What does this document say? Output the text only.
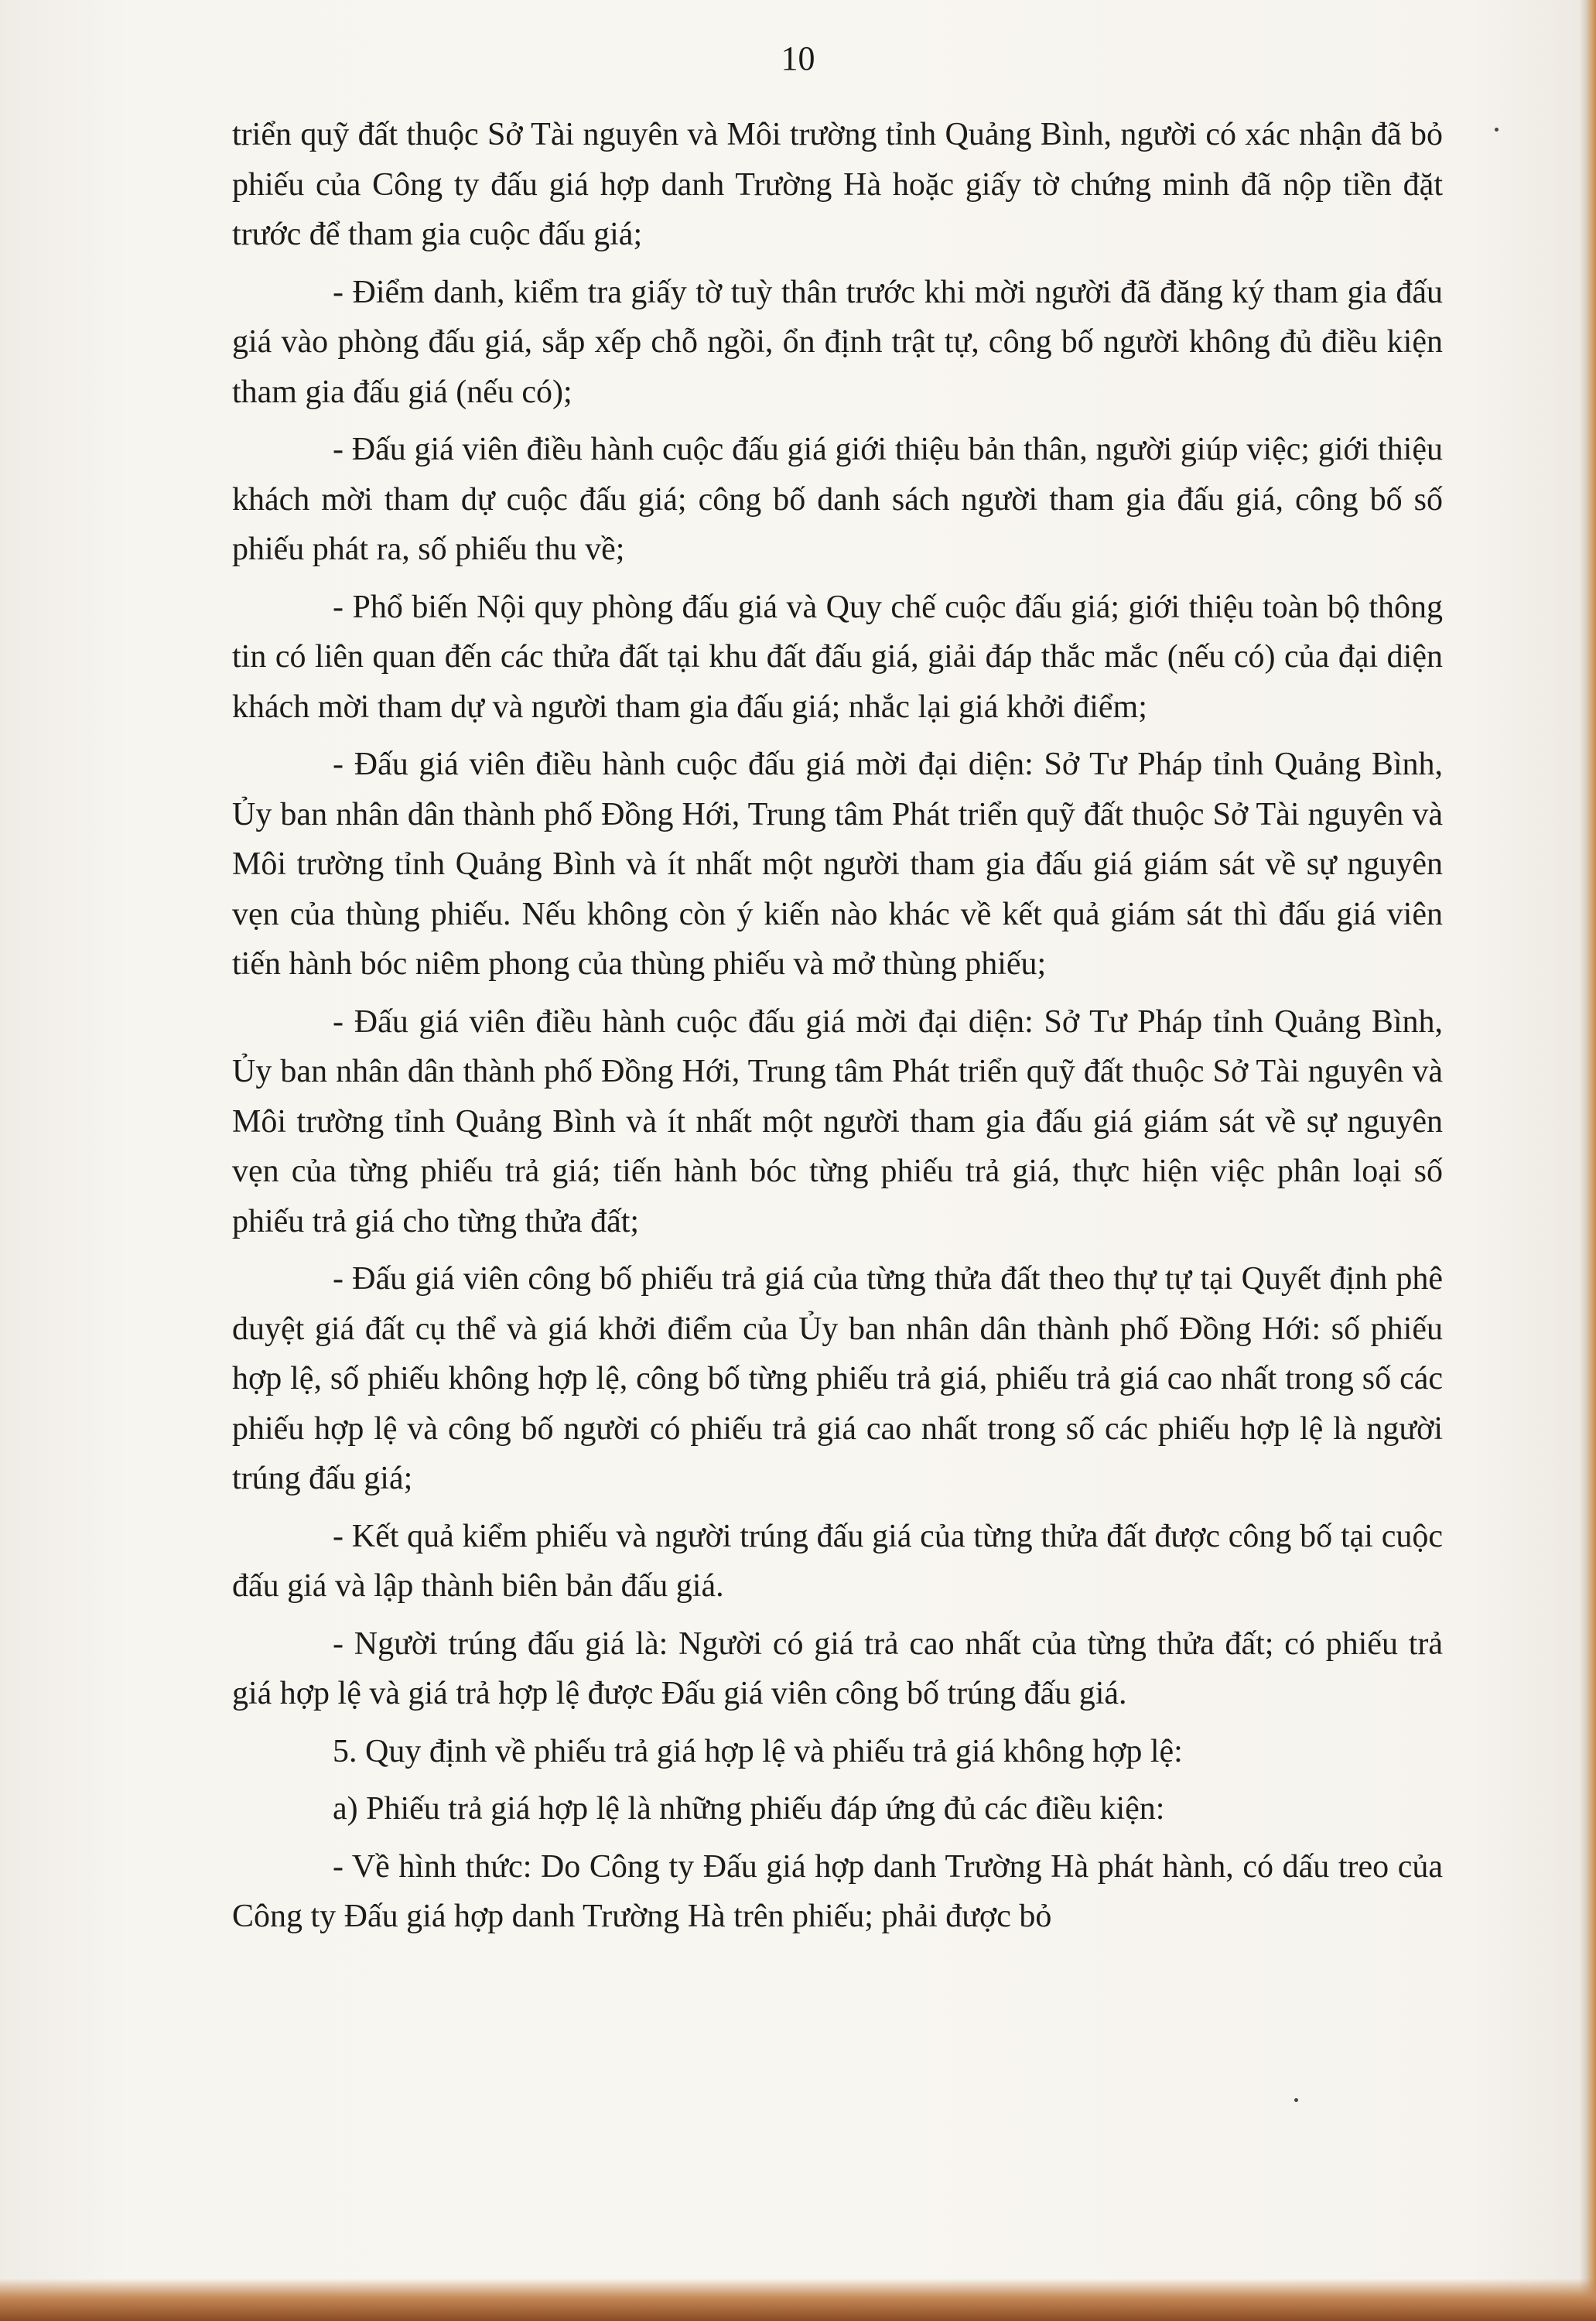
10

triển quỹ đất thuộc Sở Tài nguyên và Môi trường tỉnh Quảng Bình, người có xác nhận đã bỏ phiếu của Công ty đấu giá hợp danh Trường Hà hoặc giấy tờ chứng minh đã nộp tiền đặt trước để tham gia cuộc đấu giá;

- Điểm danh, kiểm tra giấy tờ tuỳ thân trước khi mời người đã đăng ký tham gia đấu giá vào phòng đấu giá, sắp xếp chỗ ngồi, ổn định trật tự, công bố người không đủ điều kiện tham gia đấu giá (nếu có);

- Đấu giá viên điều hành cuộc đấu giá giới thiệu bản thân, người giúp việc; giới thiệu khách mời tham dự cuộc đấu giá; công bố danh sách người tham gia đấu giá, công bố số phiếu phát ra, số phiếu thu về;

- Phổ biến Nội quy phòng đấu giá và Quy chế cuộc đấu giá; giới thiệu toàn bộ thông tin có liên quan đến các thửa đất tại khu đất đấu giá, giải đáp thắc mắc (nếu có) của đại diện khách mời tham dự và người tham gia đấu giá; nhắc lại giá khởi điểm;

- Đấu giá viên điều hành cuộc đấu giá mời đại diện: Sở Tư Pháp tỉnh Quảng Bình, Ủy ban nhân dân thành phố Đồng Hới, Trung tâm Phát triển quỹ đất thuộc Sở Tài nguyên và Môi trường tỉnh Quảng Bình và ít nhất một người tham gia đấu giá giám sát về sự nguyên vẹn của thùng phiếu. Nếu không còn ý kiến nào khác về kết quả giám sát thì đấu giá viên tiến hành bóc niêm phong của thùng phiếu và mở thùng phiếu;

- Đấu giá viên điều hành cuộc đấu giá mời đại diện: Sở Tư Pháp tỉnh Quảng Bình, Ủy ban nhân dân thành phố Đồng Hới, Trung tâm Phát triển quỹ đất thuộc Sở Tài nguyên và Môi trường tỉnh Quảng Bình và ít nhất một người tham gia đấu giá giám sát về sự nguyên vẹn của từng phiếu trả giá; tiến hành bóc từng phiếu trả giá, thực hiện việc phân loại số phiếu trả giá cho từng thửa đất;

- Đấu giá viên công bố phiếu trả giá của từng thửa đất theo thự tự tại Quyết định phê duyệt giá đất cụ thể và giá khởi điểm của Ủy ban nhân dân thành phố Đồng Hới: số phiếu hợp lệ, số phiếu không hợp lệ, công bố từng phiếu trả giá, phiếu trả giá cao nhất trong số các phiếu hợp lệ và công bố người có phiếu trả giá cao nhất trong số các phiếu hợp lệ là người trúng đấu giá;

- Kết quả kiểm phiếu và người trúng đấu giá của từng thửa đất được công bố tại cuộc đấu giá và lập thành biên bản đấu giá.

- Người trúng đấu giá là: Người có giá trả cao nhất của từng thửa đất; có phiếu trả giá hợp lệ và giá trả hợp lệ được Đấu giá viên công bố trúng đấu giá.

5. Quy định về phiếu trả giá hợp lệ và phiếu trả giá không hợp lệ:

a) Phiếu trả giá hợp lệ là những phiếu đáp ứng đủ các điều kiện:

- Về hình thức: Do Công ty Đấu giá hợp danh Trường Hà phát hành, có dấu treo của Công ty Đấu giá hợp danh Trường Hà trên phiếu; phải được bỏ
